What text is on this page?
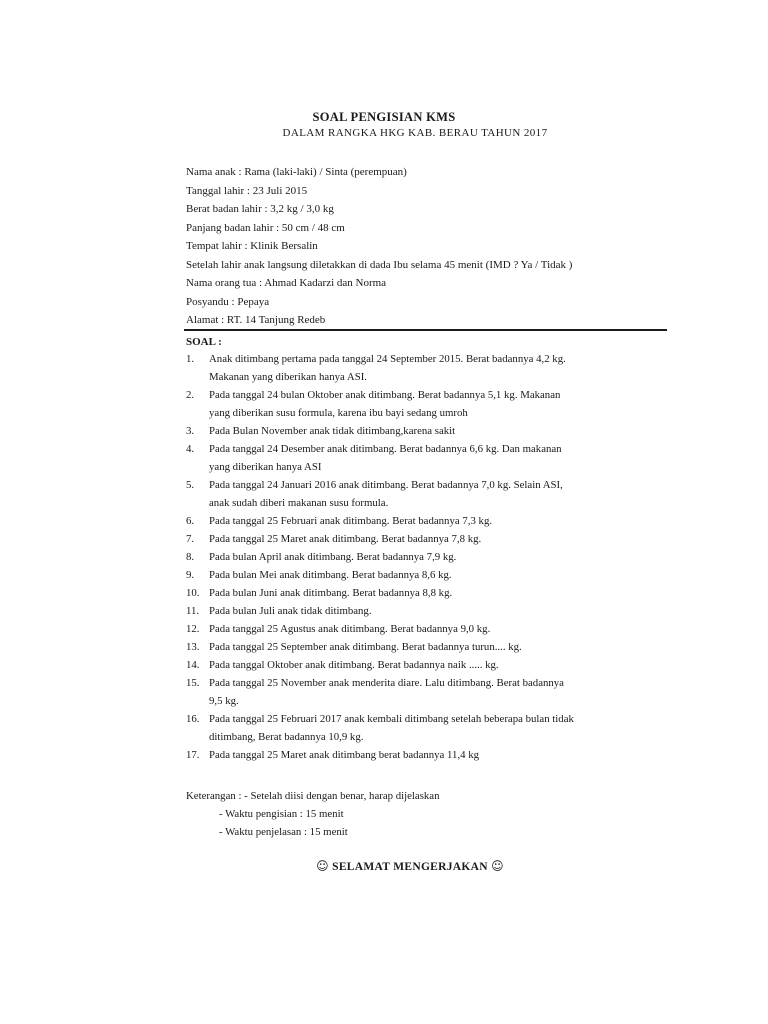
SOAL PENGISIAN KMS
DALAM RANGKA HKG KAB. BERAU TAHUN 2017
Nama anak : Rama (laki-laki) / Sinta (perempuan)
Tanggal lahir : 23 Juli 2015
Berat badan lahir : 3,2 kg / 3,0 kg
Panjang badan lahir : 50 cm / 48 cm
Tempat lahir : Klinik Bersalin
Setelah lahir anak langsung diletakkan di dada Ibu selama 45 menit (IMD ? Ya / Tidak )
Nama orang tua : Ahmad Kadarzi dan Norma
Posyandu : Pepaya
Alamat : RT. 14 Tanjung Redeb
SOAL :
1.	Anak ditimbang pertama pada tanggal 24 September 2015. Berat badannya 4,2 kg.
Makanan yang diberikan hanya ASI.
2.	Pada tanggal 24 bulan Oktober anak ditimbang. Berat badannya 5,1 kg. Makanan
yang diberikan susu formula, karena ibu bayi sedang umroh
3.	Pada Bulan November anak tidak ditimbang,karena sakit
4.	Pada tanggal 24 Desember anak ditimbang. Berat badannya 6,6 kg. Dan makanan
yang diberikan hanya ASI
5.	Pada tanggal 24 Januari 2016 anak ditimbang. Berat badannya 7,0 kg. Selain ASI,
anak sudah diberi makanan susu formula.
6.	Pada tanggal 25 Februari anak ditimbang. Berat badannya 7,3 kg.
7.	Pada tanggal 25 Maret anak ditimbang. Berat badannya 7,8 kg.
8.	Pada bulan April anak ditimbang. Berat badannya 7,9 kg.
9.	Pada bulan Mei anak ditimbang. Berat badannya 8,6 kg.
10. Pada bulan Juni anak ditimbang. Berat badannya 8,8 kg.
11. Pada bulan Juli anak tidak ditimbang.
12. Pada tanggal 25 Agustus anak ditimbang. Berat badannya 9,0 kg.
13. Pada tanggal 25 September anak ditimbang. Berat badannya turun.... kg.
14. Pada tanggal Oktober anak ditimbang. Berat badannya naik ..... kg.
15. Pada tanggal 25 November anak menderita diare. Lalu ditimbang. Berat badannya
9,5 kg.
16. Pada tanggal 25 Februari 2017 anak kembali ditimbang setelah beberapa bulan tidak
ditimbang, Berat badannya 10,9 kg.
17. Pada tanggal 25 Maret anak ditimbang berat badannya 11,4 kg
Keterangan : - Setelah diisi dengan benar, harap dijelaskan
- Waktu pengisian : 15 menit
- Waktu penjelasan : 15 menit
☺ SELAMAT MENGERJAKAN ☺
